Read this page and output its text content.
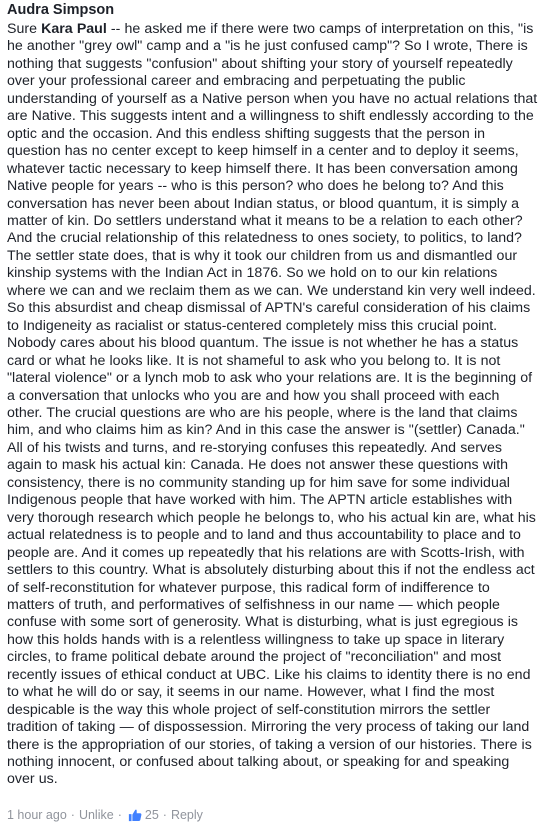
Audra Simpson

Sure Kara Paul -- he asked me if there were two camps of interpretation on this, "is he another "grey owl" camp and a "is he just confused camp"? So I wrote, There is nothing that suggests "confusion" about shifting your story of yourself repeatedly over your professional career and embracing and perpetuating the public understanding of yourself as a Native person when you have no actual relations that are Native. This suggests intent and a willingness to shift endlessly according to the optic and the occasion. And this endless shifting suggests that the person in question has no center except to keep himself in a center and to deploy it seems, whatever tactic necessary to keep himself there. It has been conversation among Native people for years -- who is this person? who does he belong to? And this conversation has never been about Indian status, or blood quantum, it is simply a matter of kin. Do settlers understand what it means to be a relation to each other? And the crucial relationship of this relatedness to ones society, to politics, to land? The settler state does, that is why it took our children from us and dismantled our kinship systems with the Indian Act in 1876. So we hold on to our kin relations where we can and we reclaim them as we can. We understand kin very well indeed. So this absurdist and cheap dismissal of APTN's careful consideration of his claims to Indigeneity as racialist or status-centered completely miss this crucial point. Nobody cares about his blood quantum. The issue is not whether he has a status card or what he looks like. It is not shameful to ask who you belong to. It is not "lateral violence" or a lynch mob to ask who your relations are. It is the beginning of a conversation that unlocks who you are and how you shall proceed with each other. The crucial questions are who are his people, where is the land that claims him, and who claims him as kin? And in this case the answer is "(settler) Canada." All of his twists and turns, and re-storying confuses this repeatedly. And serves again to mask his actual kin: Canada. He does not answer these questions with consistency, there is no community standing up for him save for some individual Indigenous people that have worked with him. The APTN article establishes with very thorough research which people he belongs to, who his actual kin are, what his actual relatedness is to people and to land and thus accountability to place and to people are. And it comes up repeatedly that his relations are with Scotts-Irish, with settlers to this country. What is absolutely disturbing about this if not the endless act of self-reconstitution for whatever purpose, this radical form of indifference to matters of truth, and performatives of selfishness in our name — which people confuse with some sort of generosity. What is disturbing, what is just egregious is how this holds hands with is a relentless willingness to take up space in literary circles, to frame political debate around the project of "reconciliation" and most recently issues of ethical conduct at UBC. Like his claims to identity there is no end to what he will do or say, it seems in our name. However, what I find the most despicable is the way this whole project of self-constitution mirrors the settler tradition of taking — of dispossession. Mirroring the very process of taking our land there is the appropriation of our stories, of taking a version of our histories. There is nothing innocent, or confused about talking about, or speaking for and speaking over us.

1 hour ago · Unlike · 25 · Reply
